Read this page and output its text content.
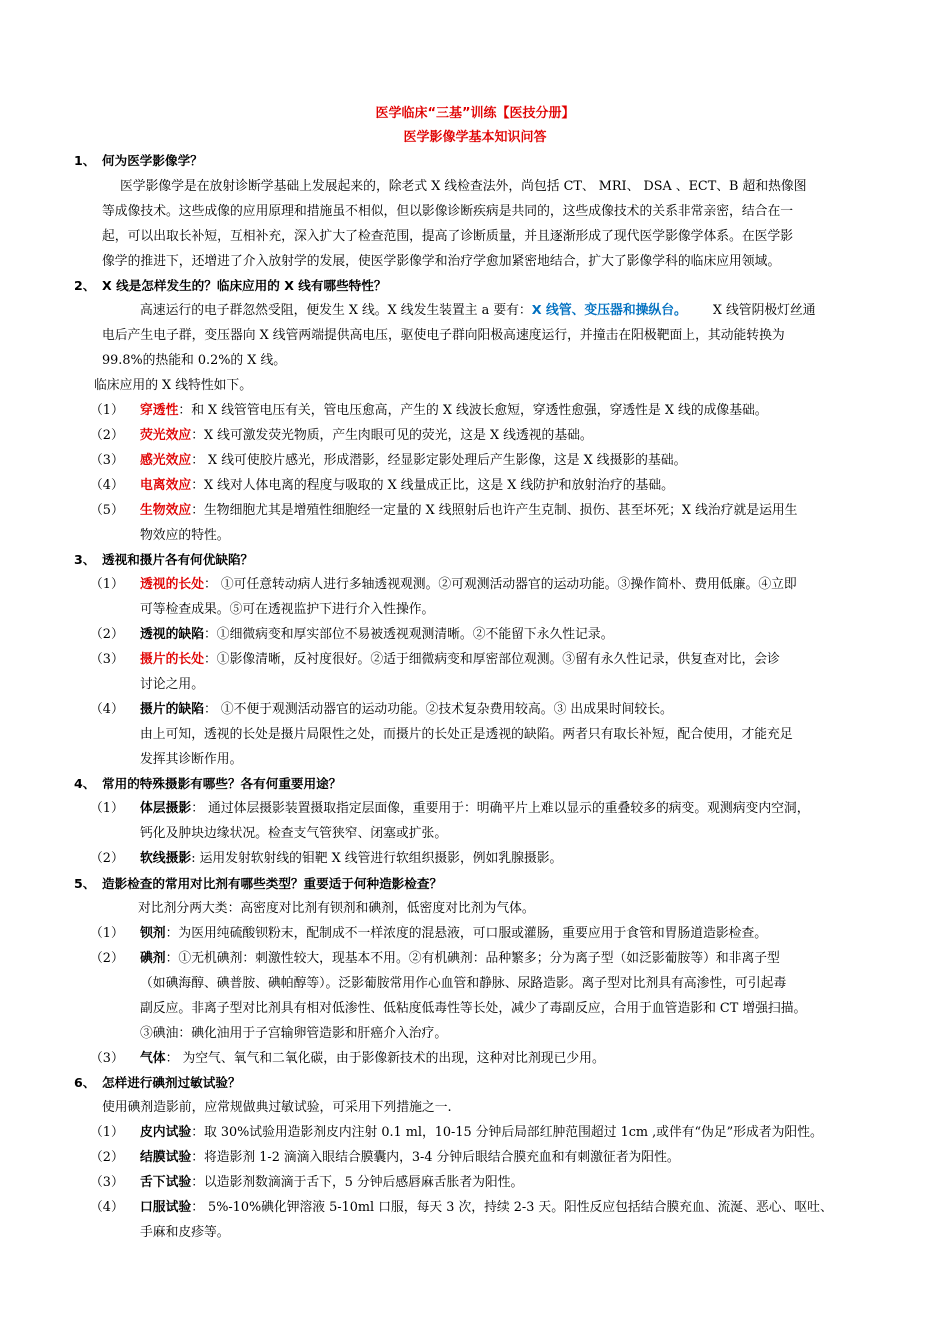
医学临床“三基”训练【医技分册】
医学影像学基本知识问答
1、 何为医学影像学？
医学影像学是在放射诊断学基础上发展起来的，除老式 X 线检查法外，尚包括 CT、 MRI、 DSA 、ECT、B 超和热像图
等成像技术。这些成像的应用原理和措施虽不相似，但以影像诊断疾病是共同的，这些成像技术的关系非常亲密，结合在一
起，可以出取长补短，互相补充，深入扩大了检查范围，提高了诊断质量，并且逐渐形成了现代医学影像学体系。在医学影
像学的推进下，还增进了介入放射学的发展，使医学影像学和治疗学愈加紧密地结合，扩大了影像学科的临床应用领域。
2、 X 线是怎样发生的？临床应用的 X 线有哪些特性？
高速运行的电子群忽然受阻，便发生 X 线。X 线发生装置主 a 要有：X 线管、变压器和操纵台。 X 线管阴极灯丝通
电后产生电子群，变压器向 X 线管两端提供高电压，驱使电子群向阳极高速度运行，并撞击在阳极靶面上，其动能转换为
99.8%的热能和 0.2%的 X 线。
临床应用的 X 线特性如下。
（1） 穿透性：和 X 线管管电压有关，管电压愈高，产生的 X 线波长愈短，穿透性愈强，穿透性是 X 线的成像基础。
（2） 荧光效应：X 线可激发荧光物质，产生肉眼可见的荧光，这是 X 线透视的基础。
（3） 感光效应： X 线可使胶片感光，形成潜影，经显影定影处理后产生影像，这是 X 线摄影的基础。
（4） 电离效应：X 线对人体电离的程度与吸取的 X 线量成正比，这是 X 线防护和放射治疗的基础。
（5） 生物效应：生物细胞尤其是增殖性细胞经一定量的 X 线照射后也许产生克制、损伤、甚至坏死；X 线治疗就是运用生
物效应的特性。
3、 透视和摄片各有何优缺陷？
（1） 透视的长处： ①可任意转动病人进行多轴透视观测。②可观测活动器官的运动功能。③操作简朴、费用低廉。④立即
可等检查成果。⑤可在透视监护下进行介入性操作。
（2） 透视的缺陷：①细微病变和厚实部位不易被透视观测清晰。②不能留下永久性记录。
（3） 摄片的长处：①影像清晰，反衬度很好。②适于细微病变和厚密部位观测。③留有永久性记录，供复查对比，会诊
讨论之用。
（4） 摄片的缺陷： ①不便于观测活动器官的运动功能。②技术复杂费用较高。③ 出成果时间较长。
由上可知，透视的长处是摄片局限性之处，而摄片的长处正是透视的缺陷。两者只有取长补短，配合使用，才能充足
发挥其诊断作用。
4、 常用的特殊摄影有哪些？各有何重要用途？
（1） 体层摄影： 通过体层摄影装置摄取指定层面像，重要用于：明确平片上难以显示的重叠较多的病变。观测病变内空洞，
钙化及肿块边缘状况。检查支气管狭窄、闭塞或扩张。
（2） 软线摄影: 运用发射软射线的钼靶 X 线管进行软组织摄影，例如乳腺摄影。
5、 造影检查的常用对比剂有哪些类型？重要适于何种造影检查？
对比剂分两大类：高密度对比剂有钡剂和碘剂，低密度对比剂为气体。
（1） 钡剂：为医用纯硫酸钡粉末，配制成不一样浓度的混悬液，可口服或灌肠，重要应用于食管和胃肠道造影检查。
（2） 碘剂：①无机碘剂：刺激性较大，现基本不用。②有机碘剂：品种繁多；分为离子型（如泛影葡胺等）和非离子型
（如碘海醇、碘普胺、碘帕醇等）。泛影葡胺常用作心血管和静脉、尿路造影。离子型对比剂具有高渗性，可引起毒
副反应。非离子型对比剂具有相对低渗性、低粘度低毒性等长处，减少了毒副反应，合用于血管造影和 CT 增强扫描。
③碘油：碘化油用于子宫输卵管造影和肝癌介入治疗。
（3） 气体： 为空气、氧气和二氧化碳，由于影像新技术的出现，这种对比剂现已少用。
6、 怎样进行碘剂过敏试验？
使用碘剂造影前，应常规做典过敏试验，可采用下列措施之一.
（1） 皮内试验：取 30%试验用造影剂皮内注射 0.1 ml，10-15 分钟后局部红肿范围超过 1cm ,或伴有“伪足”形成者为阳性。
（2） 结膜试验：将造影剂 1-2 滴滴入眼结合膜囊内，3-4 分钟后眼结合膜充血和有刺激征者为阳性。
（3） 舌下试验：以造影剂数滴滴于舌下，5 分钟后感唇麻舌胀者为阳性。
（4） 口服试验： 5%-10%碘化钾溶液 5-10ml 口服，每天 3 次，持续 2-3 天。阳性反应包括结合膜充血、流涎、恶心、呕吐、
手麻和皮疹等。
